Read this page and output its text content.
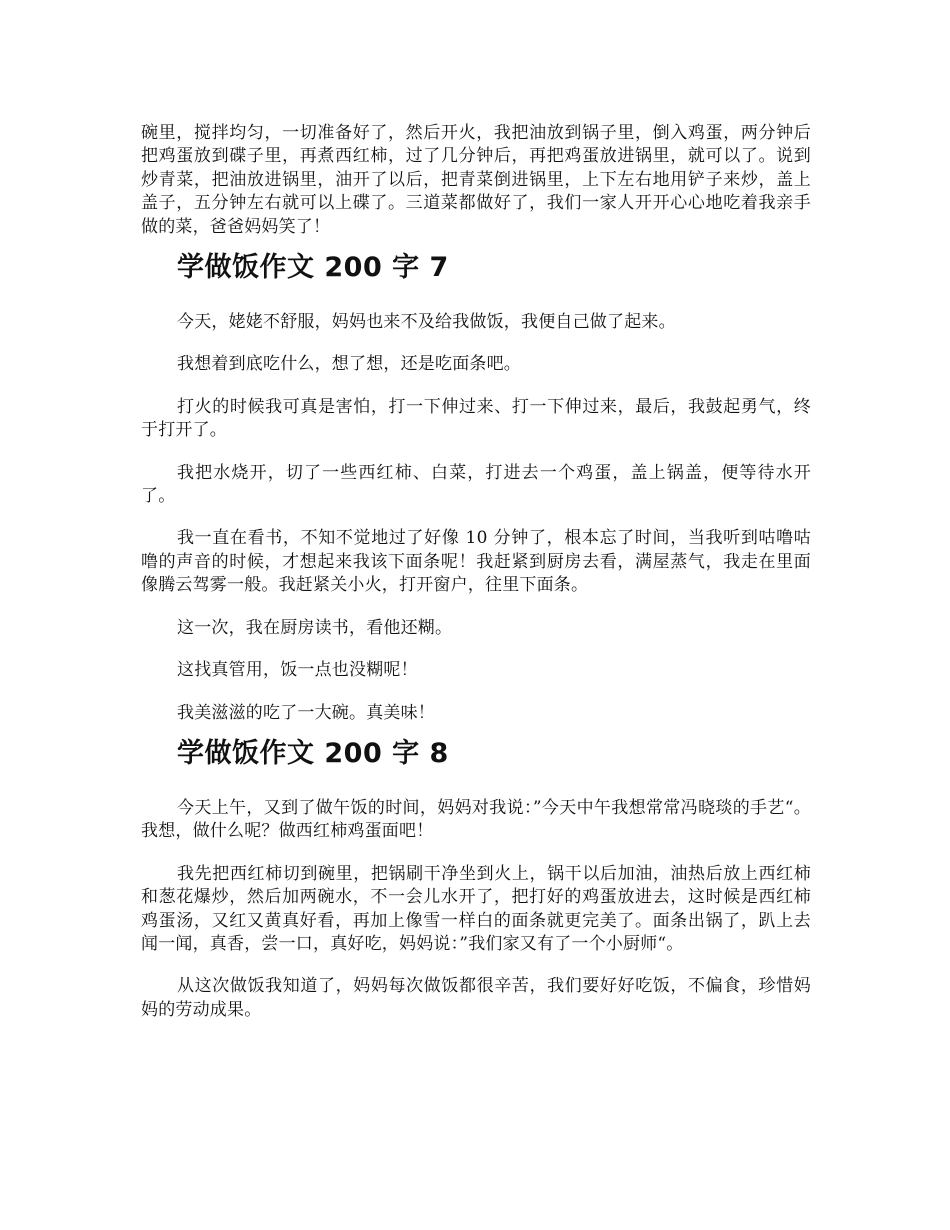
碗里，搅拌均匀，一切准备好了，然后开火，我把油放到锅子里，倒入鸡蛋，两分钟后把鸡蛋放到碟子里，再煮西红柿，过了几分钟后，再把鸡蛋放进锅里，就可以了。说到炒青菜，把油放进锅里，油开了以后，把青菜倒进锅里，上下左右地用铲子来炒，盖上盖子，五分钟左右就可以上碟了。三道菜都做好了，我们一家人开开心心地吃着我亲手做的菜，爸爸妈妈笑了！

学做饭作文 200 字 7

今天，姥姥不舒服，妈妈也来不及给我做饭，我便自己做了起来。

我想着到底吃什么，想了想，还是吃面条吧。

打火的时候我可真是害怕，打一下伸过来、打一下伸过来，最后，我鼓起勇气，终于打开了。

我把水烧开，切了一些西红柿、白菜，打进去一个鸡蛋，盖上锅盖，便等待水开了。

我一直在看书，不知不觉地过了好像 10 分钟了，根本忘了时间，当我听到咕噜咕噜的声音的时候，才想起来我该下面条呢！我赶紧到厨房去看，满屋蒸气，我走在里面像腾云驾雾一般。我赶紧关小火，打开窗户，往里下面条。

这一次，我在厨房读书，看他还糊。

这找真管用，饭一点也没糊呢！

我美滋滋的吃了一大碗。真美味！

学做饭作文 200 字 8

今天上午，又到了做午饭的时间，妈妈对我说：”今天中午我想常常冯晓琰的手艺“。我想，做什么呢？做西红柿鸡蛋面吧！

我先把西红柿切到碗里，把锅刷干净坐到火上，锅干以后加油，油热后放上西红柿和葱花爆炒，然后加两碗水，不一会儿水开了，把打好的鸡蛋放进去，这时候是西红柿鸡蛋汤，又红又黄真好看，再加上像雪一样白的面条就更完美了。面条出锅了，趴上去闻一闻，真香，尝一口，真好吃，妈妈说：”我们家又有了一个小厨师“。

从这次做饭我知道了，妈妈每次做饭都很辛苦，我们要好好吃饭，不偏食，珍惜妈妈的劳动成果。
